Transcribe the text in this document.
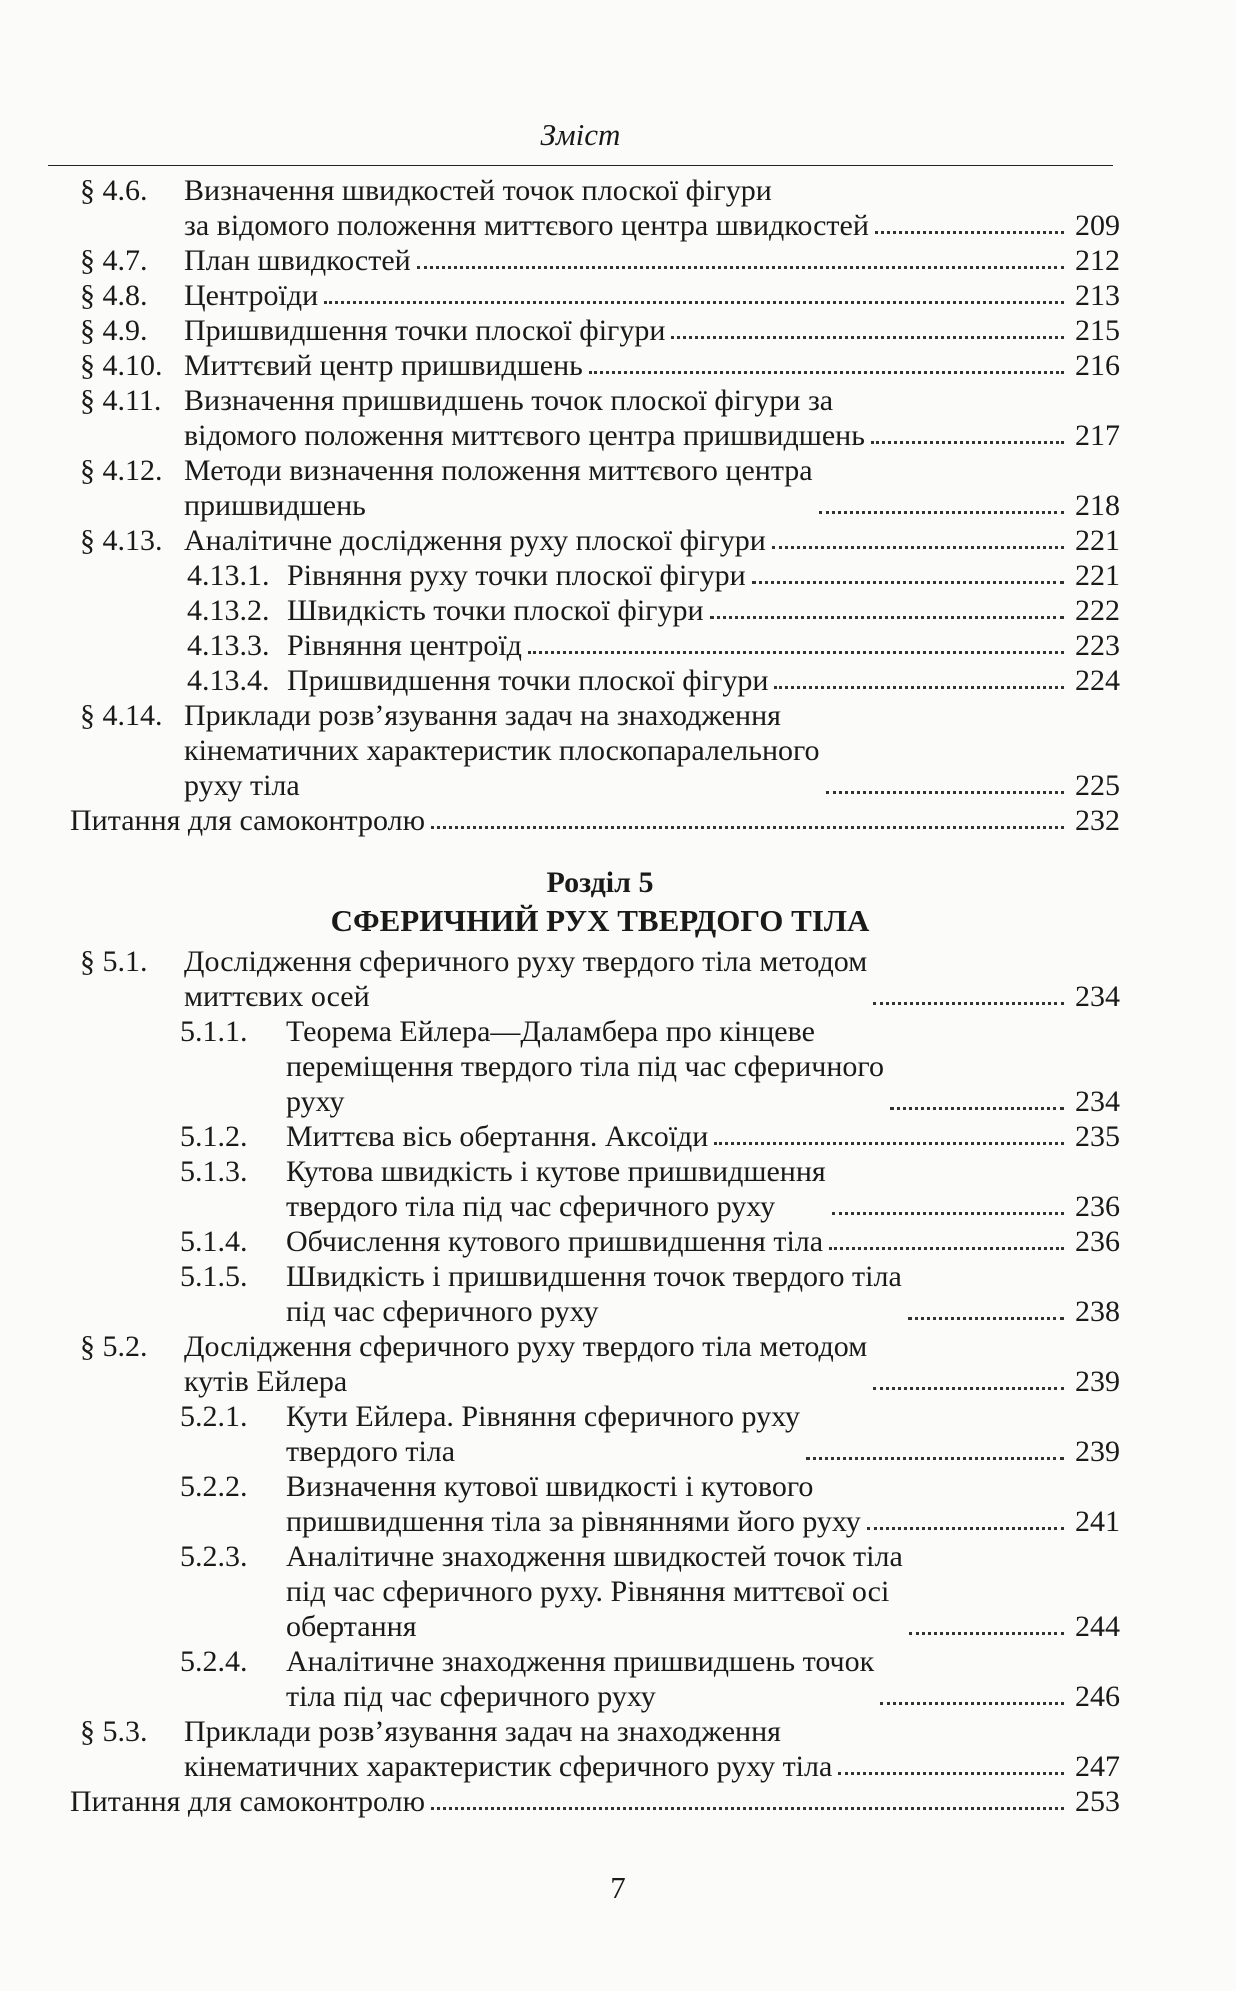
Зміст
§ 4.6.	Визначення швидкостей точок плоскої фігури
за відомого положення миттєвого центра швидкостей	209
§ 4.7.	План швидкостей	212
§ 4.8.	Центроїди	213
§ 4.9.	Пришвидшення точки плоскої фігури	215
§ 4.10. Миттєвий центр пришвидшень	216
§ 4.11. Визначення пришвидшень точок плоскої фігури за
відомого положення миттєвого центра пришвидшень	217
§ 4.12. Методи визначення положення миттєвого центра
пришвидшень	218
§ 4.13. Аналітичне дослідження руху плоскої фігури	221
4.13.1. Рівняння руху точки плоскої фігури	221
4.13.2. Швидкість точки плоскої фігури	222
4.13.3. Рівняння центроїд	223
4.13.4. Пришвидшення точки плоскої фігури	224
§ 4.14. Приклади розв’язування задач на знаходження
кінематичних характеристик плоскопаралельного
руху тіла	225
Питання для самоконтролю	232
Розділ 5
СФЕРИЧНИЙ РУХ ТВЕРДОГО ТІЛА
§ 5.1.	Дослідження сферичного руху твердого тіла методом
миттєвих осей	234
5.1.1.	Теорема Ейлера—Даламбера про кінцеве
переміщення твердого тіла під час сферичного
руху	234
5.1.2.	Миттєва вісь обертання. Аксоїди	235
5.1.3.	Кутова швидкість і кутове пришвидшення
твердого тіла під час сферичного руху	236
5.1.4.	Обчислення кутового пришвидшення тіла	236
5.1.5.	Швидкість і пришвидшення точок твердого тіла
під час сферичного руху	238
§ 5.2.	Дослідження сферичного руху твердого тіла методом
кутів Ейлера	239
5.2.1.	Кути Ейлера. Рівняння сферичного руху
твердого тіла	239
5.2.2.	Визначення кутової швидкості і кутового
пришвидшення тіла за рівняннями його руху	241
5.2.3.	Аналітичне знаходження швидкостей точок тіла
під час сферичного руху. Рівняння миттєвої осі
обертання	244
5.2.4.	Аналітичне знаходження пришвидшень точок
тіла під час сферичного руху	246
§ 5.3.	Приклади розв’язування задач на знаходження
кінематичних характеристик сферичного руху тіла	247
Питання для самоконтролю	253
7
